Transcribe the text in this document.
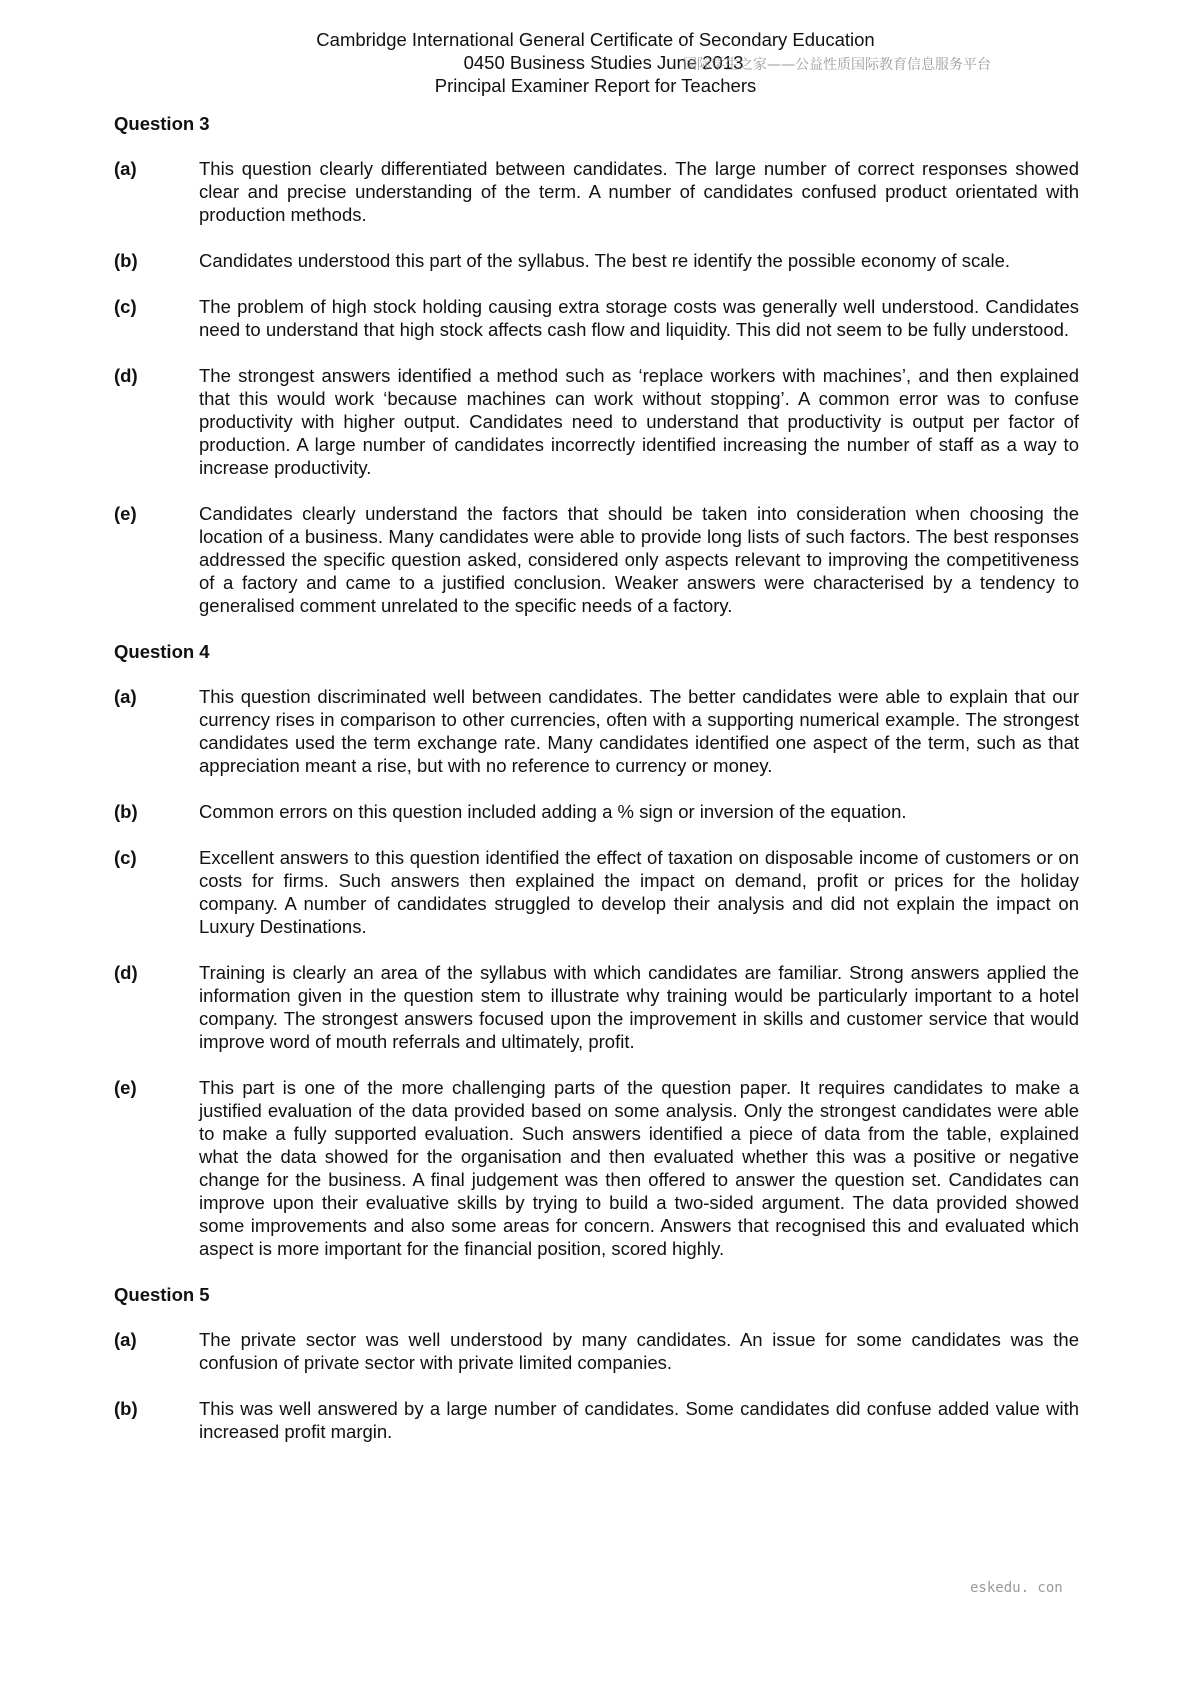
Cambridge International General Certificate of Secondary Education
0450 Business Studies June 2013
Principal Examiner Report for Teachers
国际学生之家——公益性质国际教育信息服务平台
Question 3
(a)	This question clearly differentiated between candidates. The large number of correct responses showed clear and precise understanding of the term. A number of candidates confused product orientated with production methods.
(b)	Candidates understood this part of the syllabus. The best re identify the possible economy of scale.
(c)	The problem of high stock holding causing extra storage costs was generally well understood. Candidates need to understand that high stock affects cash flow and liquidity. This did not seem to be fully understood.
(d)	The strongest answers identified a method such as ‘replace workers with machines’, and then explained that this would work ‘because machines can work without stopping’. A common error was to confuse productivity with higher output. Candidates need to understand that productivity is output per factor of production. A large number of candidates incorrectly identified increasing the number of staff as a way to increase productivity.
(e)	Candidates clearly understand the factors that should be taken into consideration when choosing the location of a business. Many candidates were able to provide long lists of such factors. The best responses addressed the specific question asked, considered only aspects relevant to improving the competitiveness of a factory and came to a justified conclusion. Weaker answers were characterised by a tendency to generalised comment unrelated to the specific needs of a factory.
Question 4
(a)	This question discriminated well between candidates. The better candidates were able to explain that our currency rises in comparison to other currencies, often with a supporting numerical example. The strongest candidates used the term exchange rate. Many candidates identified one aspect of the term, such as that appreciation meant a rise, but with no reference to currency or money.
(b)	Common errors on this question included adding a % sign or inversion of the equation.
(c)	Excellent answers to this question identified the effect of taxation on disposable income of customers or on costs for firms. Such answers then explained the impact on demand, profit or prices for the holiday company. A number of candidates struggled to develop their analysis and did not explain the impact on Luxury Destinations.
(d)	Training is clearly an area of the syllabus with which candidates are familiar. Strong answers applied the information given in the question stem to illustrate why training would be particularly important to a hotel company. The strongest answers focused upon the improvement in skills and customer service that would improve word of mouth referrals and ultimately, profit.
(e)	This part is one of the more challenging parts of the question paper. It requires candidates to make a justified evaluation of the data provided based on some analysis. Only the strongest candidates were able to make a fully supported evaluation. Such answers identified a piece of data from the table, explained what the data showed for the organisation and then evaluated whether this was a positive or negative change for the business. A final judgement was then offered to answer the question set. Candidates can improve upon their evaluative skills by trying to build a two-sided argument. The data provided showed some improvements and also some areas for concern. Answers that recognised this and evaluated which aspect is more important for the financial position, scored highly.
Question 5
(a)	The private sector was well understood by many candidates. An issue for some candidates was the confusion of private sector with private limited companies.
(b)	This was well answered by a large number of candidates. Some candidates did confuse added value with increased profit margin.
eskedu. con
